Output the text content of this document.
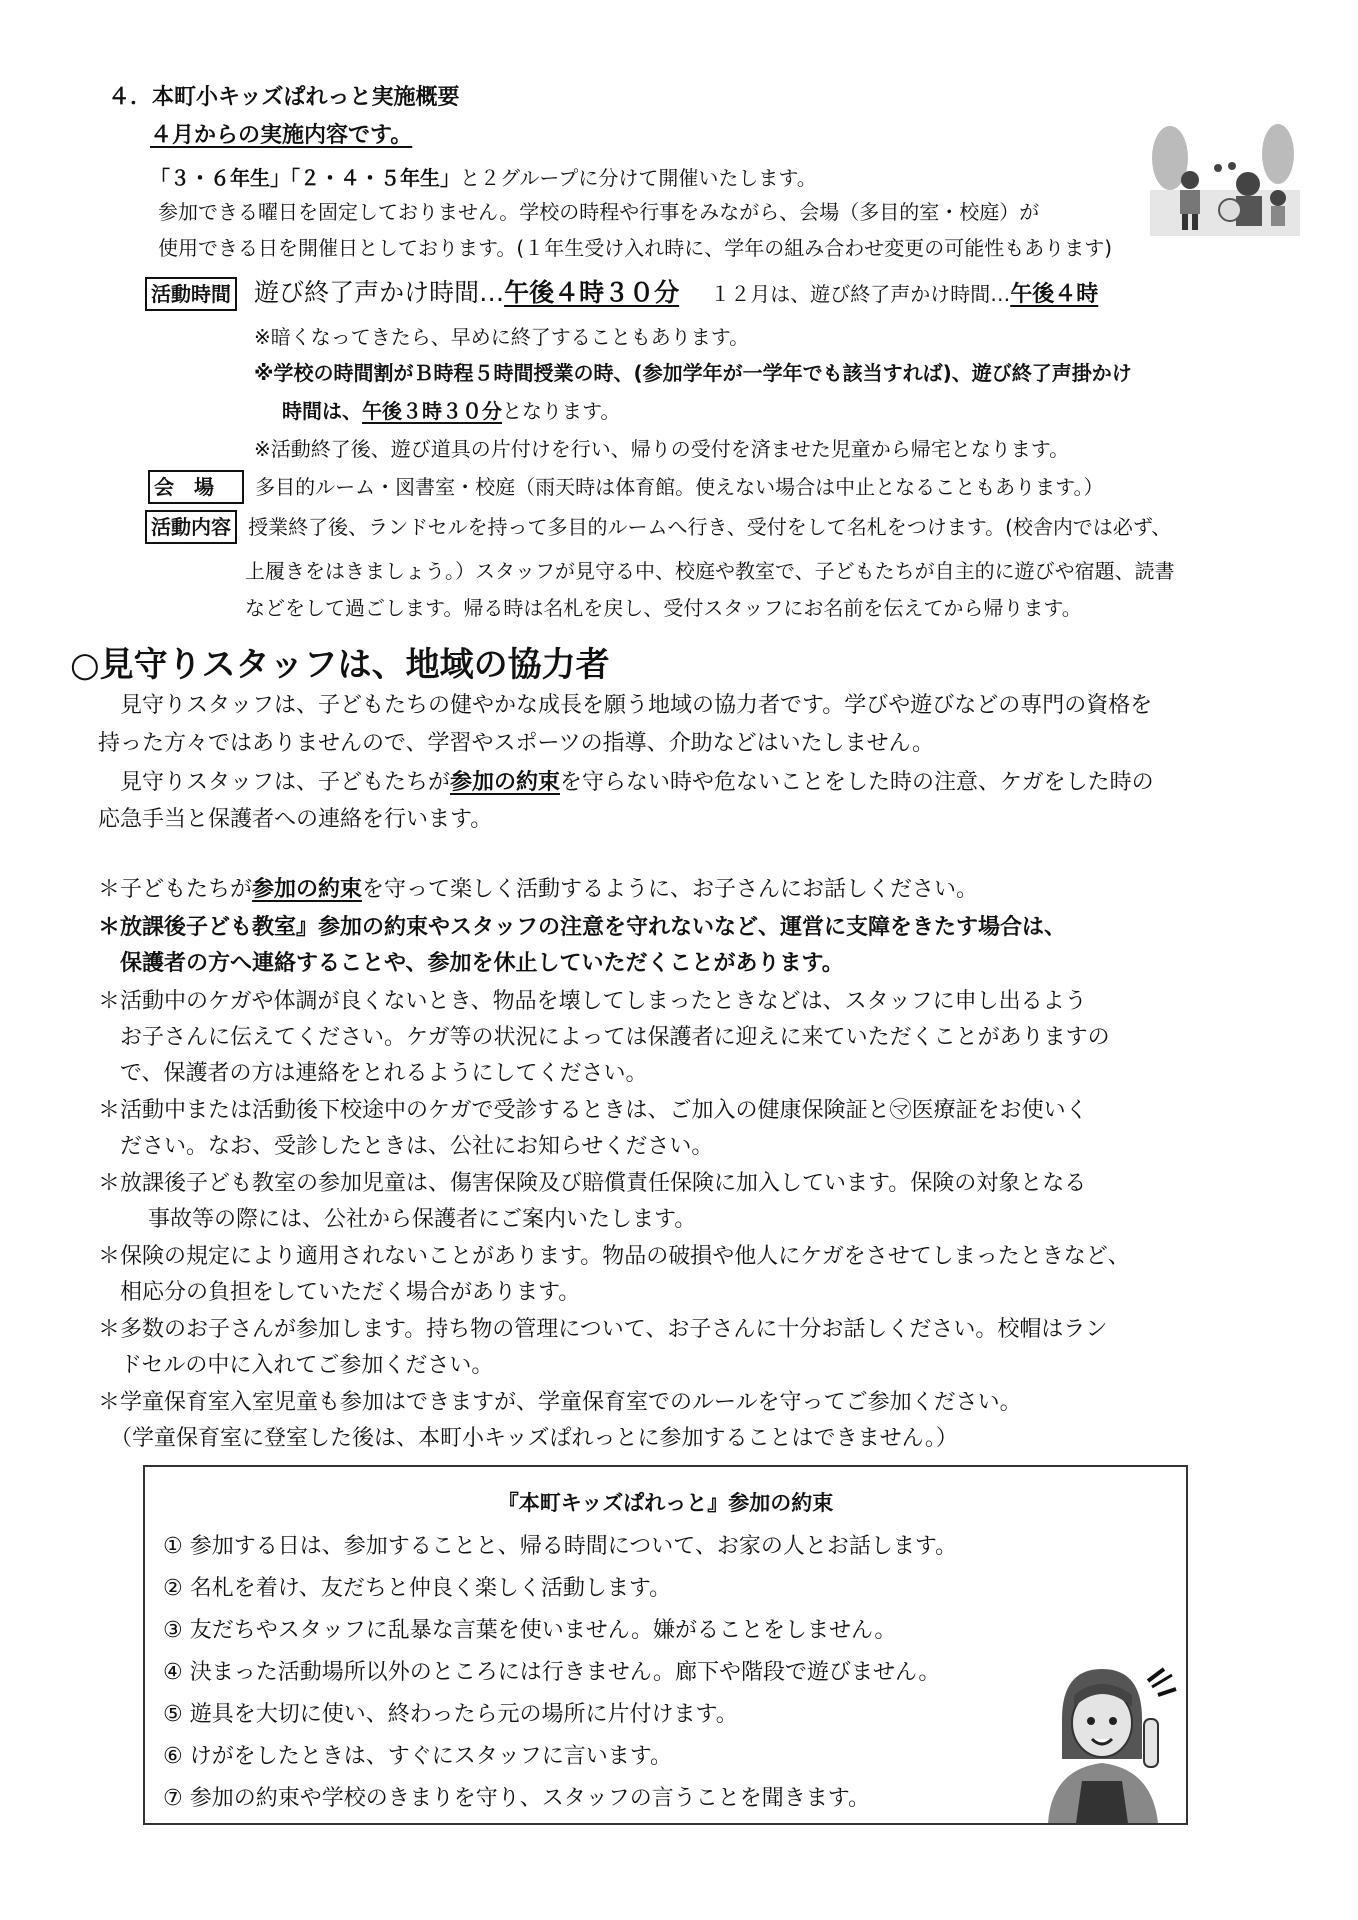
４．本町小キッズぱれっと実施概要
４月からの実施内容です。
「３・６年生」「２・４・５年生」と２グループに分けて開催いたします。
参加できる曜日を固定しておりません。学校の時程や行事をみながら、会場（多目的室・校庭）が
使用できる日を開催日としております。(１年生受け入れ時に、学年の組み合わせ変更の可能性もあります)
活動時間 遊び終了声かけ時間…午後４時３０分 １２月は、遊び終了声かけ時間…午後４時
※暗くなってきたら、早めに終了することもあります。
※学校の時間割がＢ時程５時間授業の時、(参加学年が一学年でも該当すれば)、遊び終了声掛かけ
時間は、午後３時３０分となります。
※活動終了後、遊び道具の片付けを行い、帰りの受付を済ませた児童から帰宅となります。
会　場 多目的ルーム・図書室・校庭（雨天時は体育館。使えない場合は中止となることもあります。）
活動内容 授業終了後、ランドセルを持って多目的ルームへ行き、受付をして名札をつけます。(校舎内では必ず、
上履きをはきましょう。）スタッフが見守る中、校庭や教室で、子どもたちが自主的に遊びや宿題、読書
などをして過ごします。帰る時は名札を戻し、受付スタッフにお名前を伝えてから帰ります。
○見守りスタッフは、地域の協力者
見守りスタッフは、子どもたちの健やかな成長を願う地域の協力者です。学びや遊びなどの専門の資格を
持った方々ではありませんので、学習やスポーツの指導、介助などはいたしません。
見守りスタッフは、子どもたちが参加の約束を守らない時や危ないことをした時の注意、ケガをした時の
応急手当と保護者への連絡を行います。
＊子どもたちが参加の約束を守って楽しく活動するように、お子さんにお話しください。
＊放課後子ども教室』参加の約束やスタッフの注意を守れないなど、運営に支障をきたす場合は、
保護者の方へ連絡することや、参加を休止していただくことがあります。
＊活動中のケガや体調が良くないとき、物品を壊してしまったときなどは、スタッフに申し出るよう
お子さんに伝えてください。ケガ等の状況によっては保護者に迎えに来ていただくことがありますの
で、保護者の方は連絡をとれるようにしてください。
＊活動中または活動後下校途中のケガで受診するときは、ご加入の健康保険証と㋮医療証をお使いく
ださい。なお、受診したときは、公社にお知らせください。
＊放課後子ども教室の参加児童は、傷害保険及び賠償責任保険に加入しています。保険の対象となる
事故等の際には、公社から保護者にご案内いたします。
＊保険の規定により適用されないことがあります。物品の破損や他人にケガをさせてしまったときなど、
相応分の負担をしていただく場合があります。
＊多数のお子さんが参加します。持ち物の管理について、お子さんに十分お話しください。校帽はラン
ドセルの中に入れてご参加ください。
＊学童保育室入室児童も参加はできますが、学童保育室でのルールを守ってご参加ください。
（学童保育室に登室した後は、本町小キッズぱれっとに参加することはできません。）
『本町キッズぱれっと』参加の約束
① 参加する日は、参加することと、帰る時間について、お家の人とお話します。
② 名札を着け、友だちと仲良く楽しく活動します。
③ 友だちやスタッフに乱暴な言葉を使いません。嫌がることをしません。
④ 決まった活動場所以外のところには行きません。廊下や階段で遊びません。
⑤ 遊具を大切に使い、終わったら元の場所に片付けます。
⑥ けがをしたときは、すぐにスタッフに言います。
⑦ 参加の約束や学校のきまりを守り、スタッフの言うことを聞きます。
